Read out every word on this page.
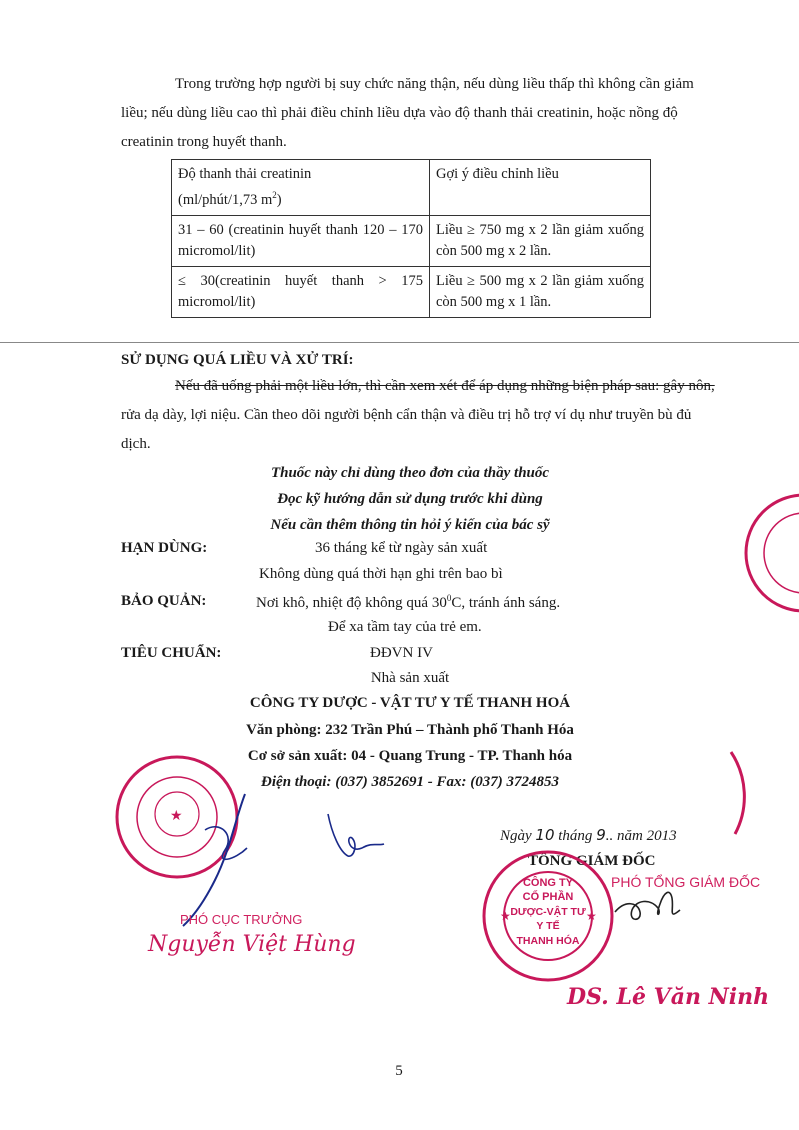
Trong trường hợp người bị suy chức năng thận, nếu dùng liều thấp thì không cần giảm
liều; nếu dùng liều cao thì phải điều chỉnh liều dựa vào độ thanh thải creatinin, hoặc nồng độ
creatinin trong huyết thanh.
Độ thanh thải creatinin
(ml/phút/1,73 $m^2$)	Gợi ý điều chỉnh liều
31 – 60 (creatinin huyết thanh 120 – 170 micromol/lit)	Liều ≥ 750 mg x 2 lần giảm xuống còn 500 mg x 2 lần.
≤ 30(creatinin huyết thanh > 175 micromol/lit)	Liều ≥ 500 mg x 2 lần giảm xuống còn 500 mg x 1 lần.
SỬ DỤNG QUÁ LIỀU VÀ XỬ TRÍ:
Nếu đã uống phải một liều lớn, thì cần xem xét để áp dụng những biện pháp sau: gây nôn,
rửa dạ dày, lợi niệu. Cần theo dõi người bệnh cẩn thận và điều trị hỗ trợ ví dụ như truyền bù đủ
dịch.
Thuốc này chỉ dùng theo đơn của thầy thuốc
Đọc kỹ hướng dẫn sử dụng trước khi dùng
Nếu cần thêm thông tin hỏi ý kiến của bác sỹ
HẠN DÙNG:	36 tháng kể từ ngày sản xuất
Không dùng quá thời hạn ghi trên bao bì
BẢO QUẢN:	Nơi khô, nhiệt độ không quá $30^0C$, tránh ánh sáng.
Để xa tầm tay của trẻ em.
TIÊU CHUẨN:	ĐĐVN IV
Nhà sản xuất
CÔNG TY DƯỢC - VẬT TƯ Y TẾ THANH HOÁ
Văn phòng: 232 Trần Phú – Thành phố Thanh Hóa
Cơ sở sản xuất: 04 - Quang Trung - TP. Thanh hóa
Điện thoại: (037) 3852691 - Fax: (037) 3724853
Ngày 10 tháng 9.. năm 2013
TỔNG GIÁM ĐỐC
PHÓ TỔNG GIÁM ĐỐC
CÔNG TY
CỔ PHẦN
DƯỢC-VẬT TƯ
Y TẾ
THANH HÓA
★	★
DS. Lê Văn Ninh
★
PHÓ CỤC TRƯỞNG
Nguyễn Việt Hùng
5
